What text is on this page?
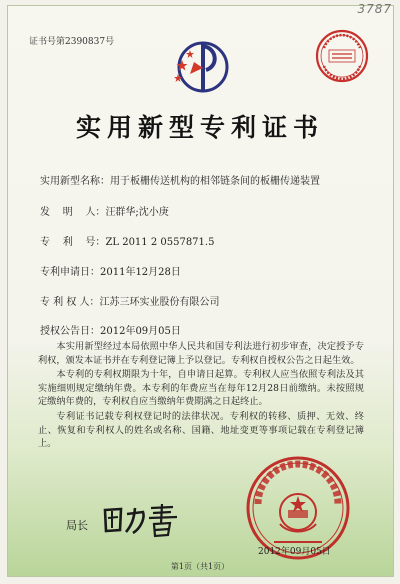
3787
证书号第2390837号
实用新型专利证书
实用新型名称：用于板栅传送机构的相邻链条间的板栅传递装置
发    明    人：汪群华;沈小庚
专    利    号：ZL 2011 2 0557871.5
专利申请日：2011年12月28日
专 利 权 人：江苏三环实业股份有限公司
授权公告日：2012年09月05日

本实用新型经过本局依照中华人民共和国专利法进行初步审查，决定授予专利权，颁发本证书并在专利登记簿上予以登记。专利权自授权公告之日起生效。

本专利的专利权期限为十年，自申请日起算。专利权人应当依照专利法及其实施细则规定缴纳年费。本专利的年费应当在每年12月28日前缴纳。未按照规定缴纳年费的，专利权自应当缴纳年费期满之日起终止。

专利证书记载专利权登记时的法律状况。专利权的转移、质押、无效、终止、恢复和专利权人的姓名或名称、国籍、地址变更等事项记载在专利登记簿上。

局长
2012年09月05日
第1页（共1页）
